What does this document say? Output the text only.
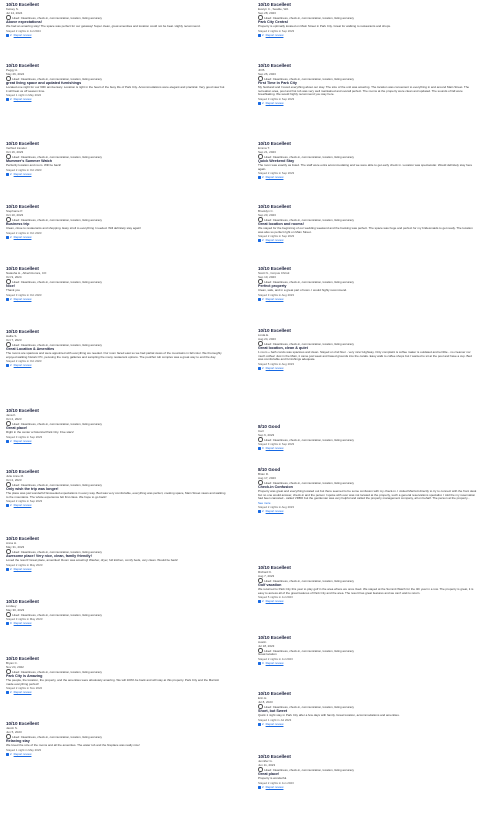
10/10 Excellent
Kelsey S.
Jul 14, 2024
Liked: Cleanliness, check-in, communication, location, listing accuracy
Above expectations!
We had an amazing stay! The space was perfect for our getaway! Super clean, great amenities and location could not be beat. Highly recommend.
Stayed 2 nights in Jul 2024
2 Report review
10/10 Excellent
Peggy A.
May 26, 2024
Liked: Cleanliness, check-in, communication, location, listing accuracy
great living space and updated furnishings
Located one night for our 60th anniversary. Location is right in the heart of the busy life of Park City. Accommodations were elegant and practical. Very good view but it will beat us off season time.
Stayed 1 night in May 2024
2 Report review
10/10 Excellent
Verified traveler
Oct 16, 2023
Liked: Cleanliness, check-in, communication, location, listing accuracy
Mummer's Summer Watch
Perfectly location and room. Will be back!
Stayed 2 nights in Oct 2023
2 Report review
10/10 Excellent
Stephanie P.
Oct 10, 2023
Liked: Cleanliness, check-in, communication, location, listing accuracy
Business trip
Clean, close to restaurants and shopping. Easy stroll to everything I needed. Will definitely stay again!
Stayed 2 nights in Oct 2023
2 Report review
10/10 Excellent
Natasha H., Albert/Aurora, CO
Oct 9, 2024
Liked: Cleanliness, check-in, communication, location, listing accuracy
Nice!
Thank you
Stayed 3 nights in Oct 2023
2 Report review
10/10 Excellent
Hallie S.
Oct 7, 2023
Liked: Cleanliness, check-in, communication, location, listing accuracy
Great Location & Amenities
The rooms are spacious and were appointed with everything we needed. Our room faced east so we had partial views of the mountains in fall color. We thoroughly enjoyed walking historic PC, perusing the many galleries and sampling the many restaurant options. The pool/hot tub complex was a great way to end the day.
Stayed 2 nights in Oct 2023
2 Report review
10/10 Excellent
Jana K.
Oct 2, 2023
Liked: Cleanliness, check-in, communication, location, listing accuracy
Great place!
Right in the center a historical Park City. Five stars!
Stayed 3 nights in Sep 2023
2 Report review
10/10 Excellent
Julie Anne M.
Oct 2, 2023
Liked: Cleanliness, check-in, communication, location, listing accuracy
Only wish the trip was longer!
The place was just wonderful! Exceeded expectations in every way. Bed was very comfortable, everything was perfect, cooking space, Main Street views and walking to the mountains. The whole experience felt first class. We hope to go back!
Stayed 2 nights in Sep 2023
2 Report review
10/10 Excellent
Anna H.
May 31, 2023
Liked: Cleanliness, check-in, communication, location, listing accuracy
Awesome place! Very nice, clean, family friendly!
Loved the resort! Great place, amenities! Room was amazing! Washer, dryer, full kitchen, comfy beds, very clean. Would be back!
Stayed 2 nights in May 2023
2 Report review
10/10 Excellent
Lindsey
May 30, 2023
Liked: Cleanliness, check-in, communication, location, listing accuracy
Stayed 3 nights in May 2023
0 Report review
10/10 Excellent
Bryan C.
Nov 24, 2022
Liked: Cleanliness, check-in, communication, location, listing accuracy
Park City is Amazing
The people, the location, the property, and the amenities were absolutely amazing. We will 100% be back and will stay at this property. Park City and the Marriott made everything perfect!
Stayed 2 nights in Nov 2022
2 Report review
10/10 Excellent
Jacob S.
Jun 5, 2023
Liked: Cleanliness, check-in, communication, location, listing accuracy
Relaxing stay
We loved the size of the rooms and all the amenities. The water tub and the fireplace was really nice!
Stayed 1 night in May 2023
2 Report review
10/10 Excellent
Evelyn C., Seattle, WA
Sep 28, 2023
Liked: Cleanliness, check-in, communication, location, listing accuracy
Park City Central
Property is optimally located on Main Street in Park City. Great for walking to restaurants and shops.
Stayed 2 nights in Sep 2023
2 Report review
10/10 Excellent
Jill B.
Sep 26, 2023
Liked: Cleanliness, check-in, communication, location, listing accuracy
First Time in Park City
My husband and I loved everything about our stay. The size of the unit was amazing. The location was convenient to everything in and around Main Street. The recreation area, pool and hot tub was very well maintained and overall perfect. The rooms at the property were clean and updated. The sounds of fall were breathtaking. We would highly recommend you stay here.
Stayed 3 nights in Sep 2023
2 Report review
10/10 Excellent
Emma T.
Sep 21, 2023
Liked: Cleanliness, check-in, communication, location, listing accuracy
Quick Weekend Stay
The room was exactly as listed. The staff were extra accommodating and we were able to get early check in. Location was spectacular. Would definitely stay here again.
Stayed 2 nights in Sep 2023
2 Report review
10/10 Excellent
Brooklyn C.
Sep 20, 2023
Liked: Cleanliness, check-in, communication, location, listing accuracy
Great location and rooms!
We stayed for the beginning of our wedding weekend and the booking was perfect. The space was huge and perfect for my bridesmaids to get ready. The location was also so perfect right on Main Street.
Stayed 2 nights in Sep 2023
2 Report review
10/10 Excellent
Scott N., Corpus Christi
Sep 10, 2023
Liked: Cleanliness, check-in, communication, location, listing accuracy
Perfect property
Clean, safe, and in a great part of town. I would highly recommend.
Stayed 3 nights in Aug 2023
2 Report review
10/10 Excellent
Linda E.
Aug 24, 2023
Liked: Cleanliness, check-in, communication, location, listing accuracy
Great location, clean & quiet
1 room + bath condo was spacious and clean. Stayed on 2nd floor - very nice! Highway. Only complaint is coffee maker is outdated and terrible - no creamer nor much coffee! Just in the Main, it came just week and based grounds into the carafe. Easy walk to coffee shops but I wanted to sit at the pool and have a cup. Bed was comfortable and furnishings adequate.
Stayed 5 nights in Aug 2023
2 Report review
8/10 Good
Carl
Sep 6, 2023
Liked: Cleanliness, check-in, communication, location, listing accuracy
Stayed 3 nights in Sep 2023
0 Report review
8/10 Good
Brian D.
Aug 17, 2023
Liked: Cleanliness, check-in, communication, location, listing accuracy
Check-in Confusion
Property was great and everything located out but there seemed to be some confusion with my check-in. I visited Marriott directly to try to connect with the front desk but no one would answer, check-in and the person I spoke with over was not located at the property, such a general reservations specialist. I told the my reservation had been canceled - called VRBO but the gentleman was very helpful and called the property management company, all on behalf. The person at the property...
See more
Stayed 2 nights in Aug 2023
2 Report review
10/10 Excellent
Richard K.
Aug 7, 2023
Liked: Cleanliness, check-in, communication, location, listing accuracy
Golf vacation
We returned to Park City this year to play golf in the area where we once lived. We stayed at the Summit Watch for the 4th year in a row. The property is great, it is easy to access all of the great features of Park City and the area. The resort has great features and we can't wait to return.
Stayed 5 nights in Jul 2023
2 Report review
10/10 Excellent
Austin
Jul 18, 2023
Liked: Cleanliness, check-in, communication, location, listing accuracy
Great location
Stayed 2 nights in Jul 2023
0 Report review
10/10 Excellent
Erin H.
Jul 8, 2023
Liked: Cleanliness, check-in, communication, location, listing accuracy
Short, but Sweet
Quick 1 night stay in Park City after a few days with family. Great location, accommodations and amenities.
Stayed 1 night in Jul 2023
2 Report review
10/10 Excellent
Jennifer G.
Jun 11, 2023
Liked: Cleanliness, check-in, communication, location, listing accuracy
Great place!
Property is wonderful.
Stayed 2 nights in Jun 2023
2 Report review
